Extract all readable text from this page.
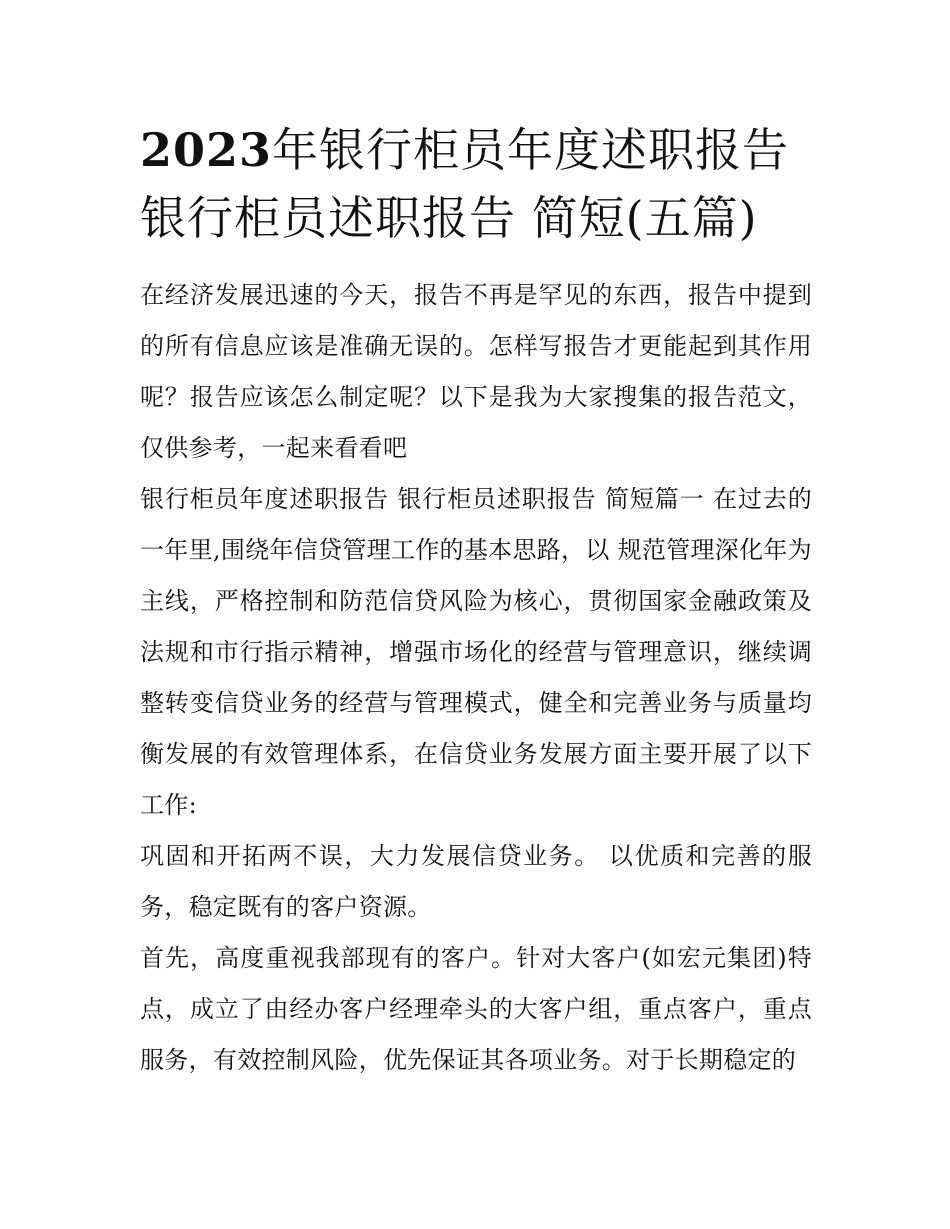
2023年银行柜员年度述职报告银行柜员述职报告 简短(五篇)

在经济发展迅速的今天，报告不再是罕见的东西，报告中提到的所有信息应该是准确无误的。怎样写报告才更能起到其作用呢？报告应该怎么制定呢？以下是我为大家搜集的报告范文，仅供参考，一起来看看吧

银行柜员年度述职报告 银行柜员述职报告 简短篇一 在过去的一年里,围绕年信贷管理工作的基本思路，以 规范管理深化年为主线，严格控制和防范信贷风险为核心，贯彻国家金融政策及法规和市行指示精神，增强市场化的经营与管理意识，继续调整转变信贷业务的经营与管理模式，健全和完善业务与质量均衡发展的有效管理体系，在信贷业务发展方面主要开展了以下工作:

巩固和开拓两不误，大力发展信贷业务。 以优质和完善的服务，稳定既有的客户资源。

首先，高度重视我部现有的客户。针对大客户(如宏元集团)特点，成立了由经办客户经理牵头的大客户组，重点客户，重点服务，有效控制风险，优先保证其各项业务。对于长期稳定的
